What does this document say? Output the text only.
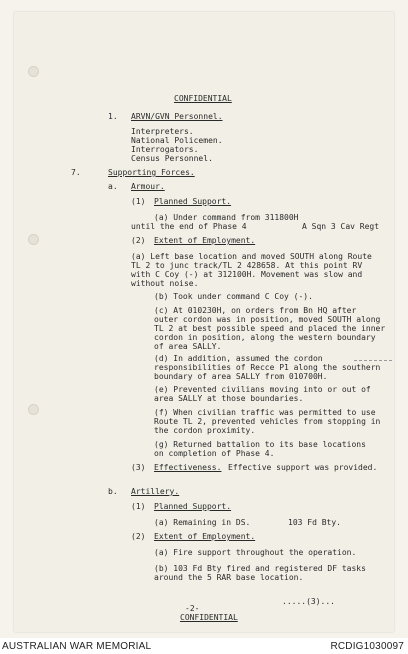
CONFIDENTIAL
1. ARVN/GVN Personnel.
Interpreters.
National Policemen.
Interrogators.
Census Personnel.
7.	Supporting Forces.
a. Armour.
(1) Planned Support.
(a) Under command from 311800H
until the end of Phase 4	A Sqn 3 Cav Regt
(2) Extent of Employment.
(a) Left base location and moved SOUTH along Route
TL 2 to junc track/TL 2 428658. At this point RV
with C Coy (-) at 312100H. Movement was slow and
without noise.
(b) Took under command C Coy (-).
(c) At 010230H, on orders from Bn HQ after
outer cordon was in position, moved SOUTH along
TL 2 at best possible speed and placed the inner
cordon in position, along the western boundary
of area SALLY.
(d) In addition, assumed the cordon
responsibilities of Recce P1 along the southern
boundary of area SALLY from 010700H.
(e) Prevented civilians moving into or out of
area SALLY at those boundaries.
(f) When civilian traffic was permitted to use
Route TL 2, prevented vehicles from stopping in
the cordon proximity.
(g) Returned battalion to its base locations
on completion of Phase 4.
(3) Effectiveness. Effective support was provided.
b. Artillery.
(1) Planned Support.
(a) Remaining in DS.	103 Fd Bty.
(2) Extent of Employment.
(a) Fire support throughout the operation.
(b) 103 Fd Bty fired and registered DF tasks
around the 5 RAR base location.
.....(3)...
-2-
CONFIDENTIAL
AUSTRALIAN WAR MEMORIAL	RCDIG1030097
